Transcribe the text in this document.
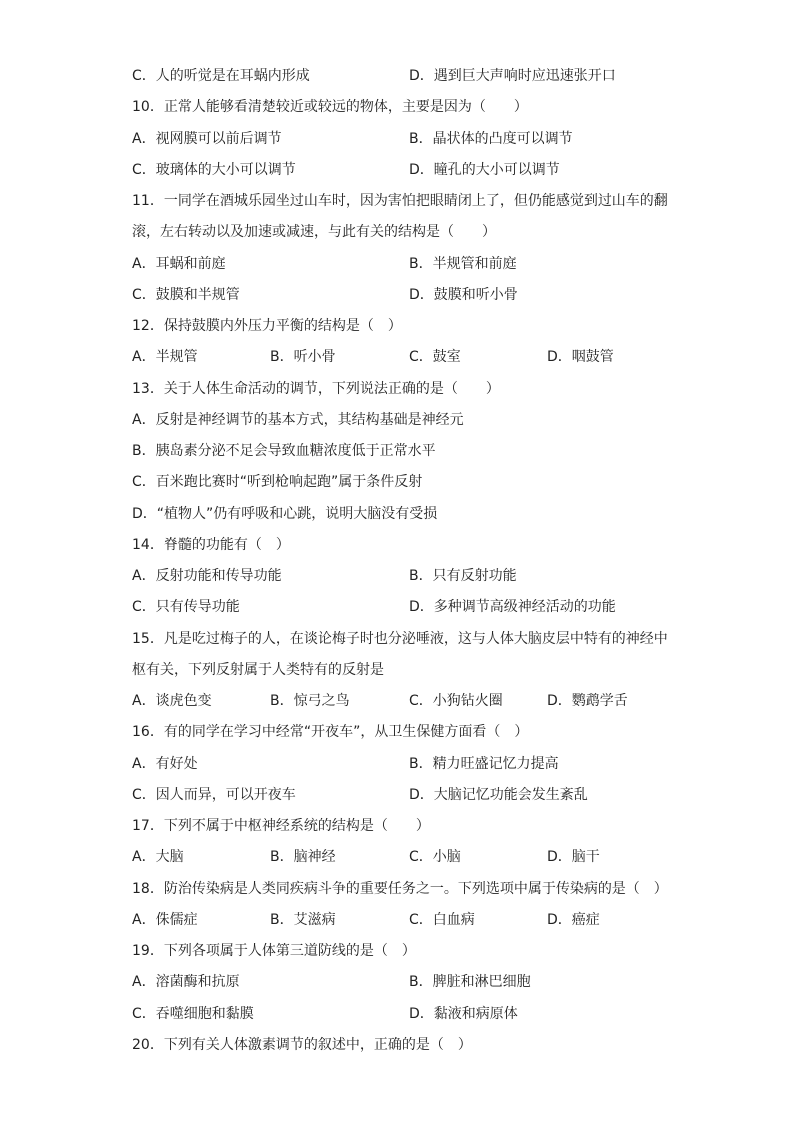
C．人的听觉是在耳蜗内形成	D．遇到巨大声响时应迅速张开口
10．正常人能够看清楚较近或较远的物体，主要是因为（　　）
A．视网膜可以前后调节	B．晶状体的凸度可以调节
C．玻璃体的大小可以调节	D．瞳孔的大小可以调节
11．一同学在酒城乐园坐过山车时，因为害怕把眼睛闭上了，但仍能感觉到过山车的翻
滚，左右转动以及加速或减速，与此有关的结构是（　　）
A．耳蜗和前庭	B．半规管和前庭
C．鼓膜和半规管	D．鼓膜和听小骨
12．保持鼓膜内外压力平衡的结构是（　）
A．半规管	B．听小骨	C．鼓室	D．咽鼓管
13．关于人体生命活动的调节，下列说法正确的是（　　）
A．反射是神经调节的基本方式，其结构基础是神经元
B．胰岛素分泌不足会导致血糖浓度低于正常水平
C．百米跑比赛时“听到枪响起跑”属于条件反射
D．“植物人”仍有呼吸和心跳，说明大脑没有受损
14．脊髓的功能有（　）
A．反射功能和传导功能	B．只有反射功能
C．只有传导功能	D．多种调节高级神经活动的功能
15．凡是吃过梅子的人，在谈论梅子时也分泌唾液，这与人体大脑皮层中特有的神经中
枢有关，下列反射属于人类特有的反射是
A．谈虎色变	B．惊弓之鸟	C．小狗钻火圈	D．鹦鹉学舌
16．有的同学在学习中经常“开夜车”，从卫生保健方面看（　）
A．有好处	B．精力旺盛记忆力提高
C．因人而异，可以开夜车	D．大脑记忆功能会发生紊乱
17．下列不属于中枢神经系统的结构是（　　）
A．大脑	B．脑神经	C．小脑	D．脑干
18．防治传染病是人类同疾病斗争的重要任务之一。下列选项中属于传染病的是（　）
A．侏儒症	B．艾滋病	C．白血病	D．癌症
19．下列各项属于人体第三道防线的是（　）
A．溶菌酶和抗原	B．脾脏和淋巴细胞
C．吞噬细胞和黏膜	D．黏液和病原体
20．下列有关人体激素调节的叙述中，正确的是（　）
